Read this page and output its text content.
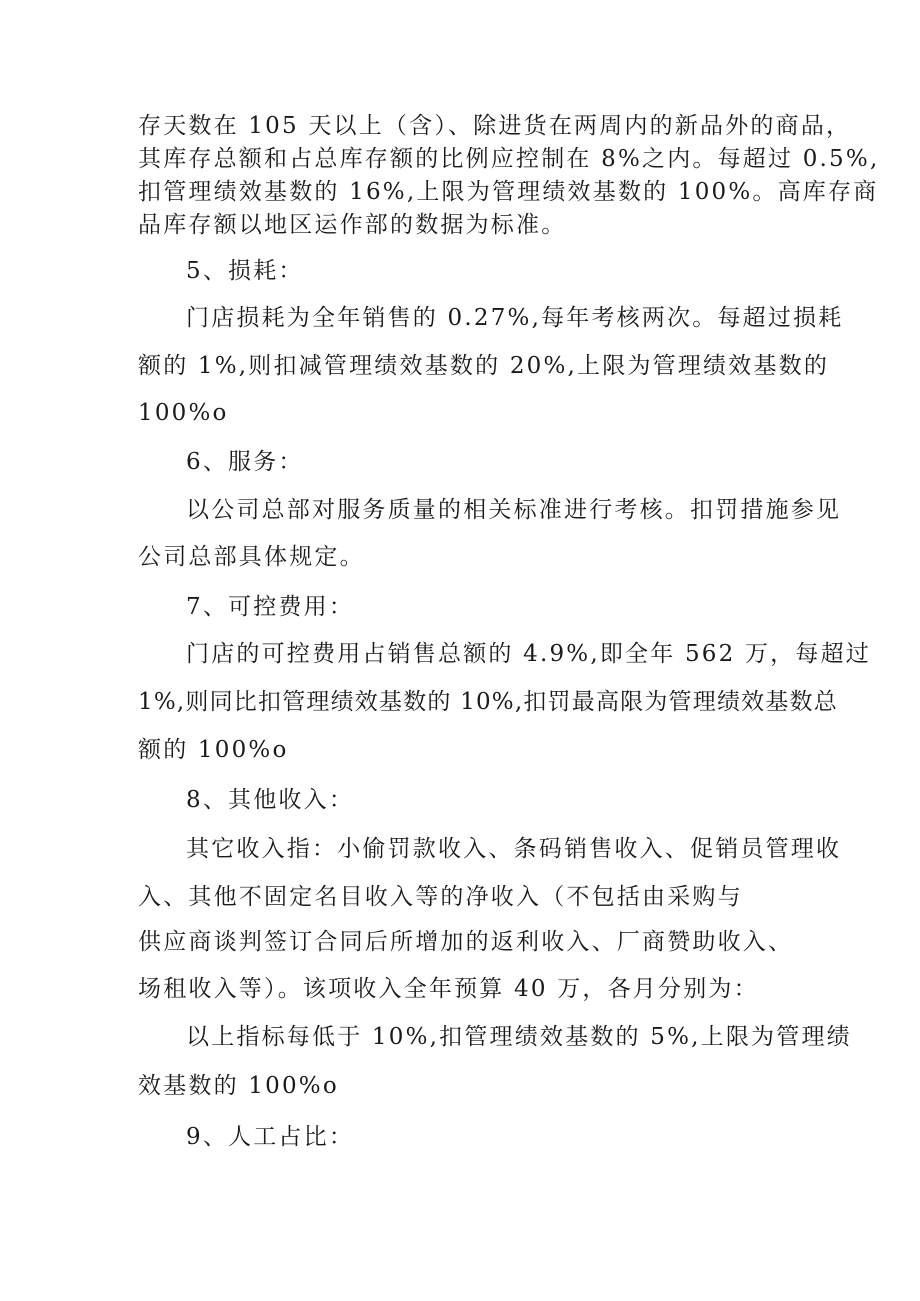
存天数在 105 天以上（含）、除进货在两周内的新品外的商品，
其库存总额和占总库存额的比例应控制在 8%之内。每超过 0.5%,
扣管理绩效基数的 16%,上限为管理绩效基数的 100%。高库存商
品库存额以地区运作部的数据为标准。
5、损耗：
门店损耗为全年销售的 0.27%,每年考核两次。每超过损耗
额的 1%,则扣减管理绩效基数的 20%,上限为管理绩效基数的
100%o
6、服务：
以公司总部对服务质量的相关标准进行考核。扣罚措施参见
公司总部具体规定。
7、可控费用：
门店的可控费用占销售总额的 4.9%,即全年 562 万，每超过
1%,则同比扣管理绩效基数的 10%,扣罚最高限为管理绩效基数总
额的 100%o
8、其他收入：
其它收入指：小偷罚款收入、条码销售收入、促销员管理收
入、其他不固定名目收入等的净收入（不包括由采购与
供应商谈判签订合同后所增加的返利收入、厂商赞助收入、
场租收入等）。该项收入全年预算 40 万，各月分别为：
以上指标每低于 10%,扣管理绩效基数的 5%,上限为管理绩
效基数的 100%o
9、人工占比：
